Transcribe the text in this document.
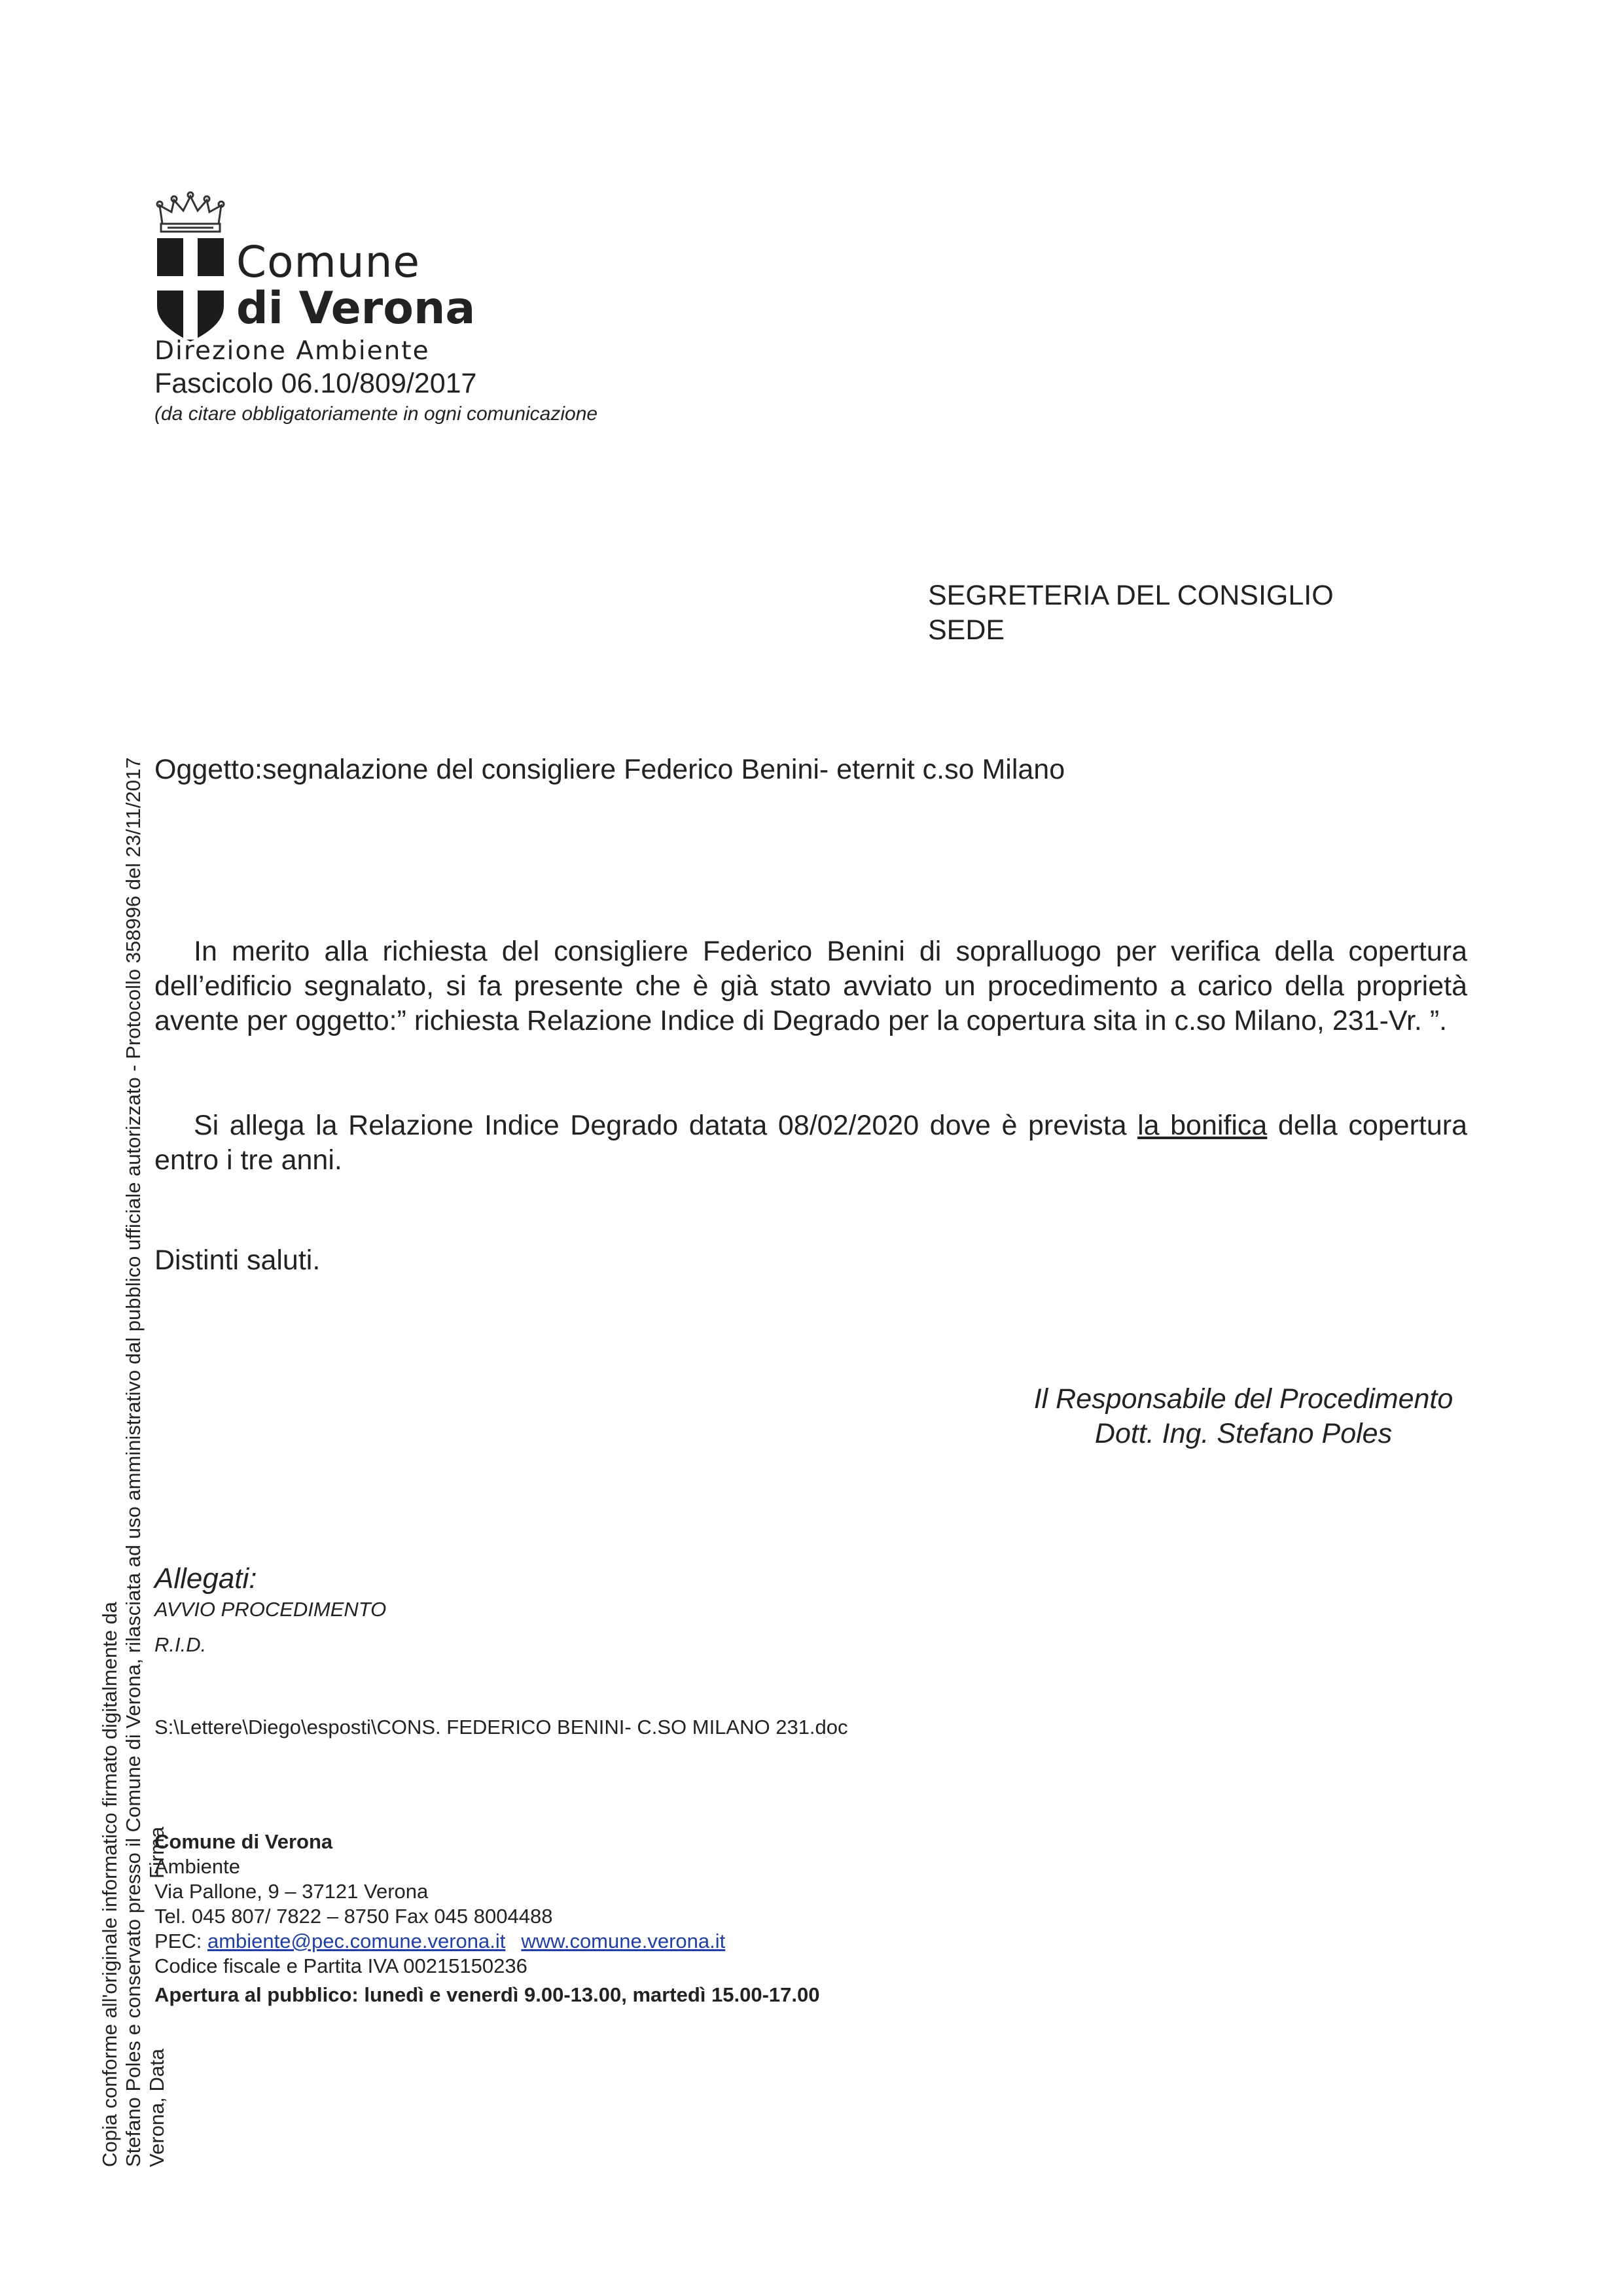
Comune
di Verona
Direzione Ambiente
Fascicolo 06.10/809/2017
(da citare obbligatoriamente in ogni comunicazione
SEGRETERIA DEL CONSIGLIO
SEDE
Oggetto:segnalazione del consigliere Federico Benini- eternit c.so Milano
In merito alla richiesta del consigliere Federico Benini di sopralluogo per verifica della copertura dell’edificio segnalato, si fa presente che è già stato avviato un procedimento a carico della proprietà avente per oggetto:” richiesta Relazione Indice di Degrado per la copertura sita in c.so Milano, 231-Vr. ”.
Si allega la Relazione Indice Degrado datata 08/02/2020 dove è prevista la bonifica della copertura entro i tre anni.
Distinti saluti.
Il Responsabile del Procedimento
Dott. Ing. Stefano Poles
Allegati:
AVVIO PROCEDIMENTO
R.I.D.
S:\Lettere\Diego\esposti\CONS. FEDERICO BENINI- C.SO MILANO 231.doc
Comune di Verona
Ambiente
Via Pallone, 9 – 37121 Verona
Tel. 045 807/ 7822 – 8750 Fax 045 8004488
PEC: ambiente@pec.comune.verona.it www.comune.verona.it
Codice fiscale e Partita IVA 00215150236
Apertura al pubblico: lunedì e venerdì 9.00-13.00, martedì 15.00-17.00
Copia conforme all'originale informatico firmato digitalmente da Stefano Poles e conservato presso il Comune di Verona, rilasciata ad uso amministrativo dal pubblico ufficiale autorizzato - Protocollo 358996 del 23/11/2017 Verona, DataFirma
